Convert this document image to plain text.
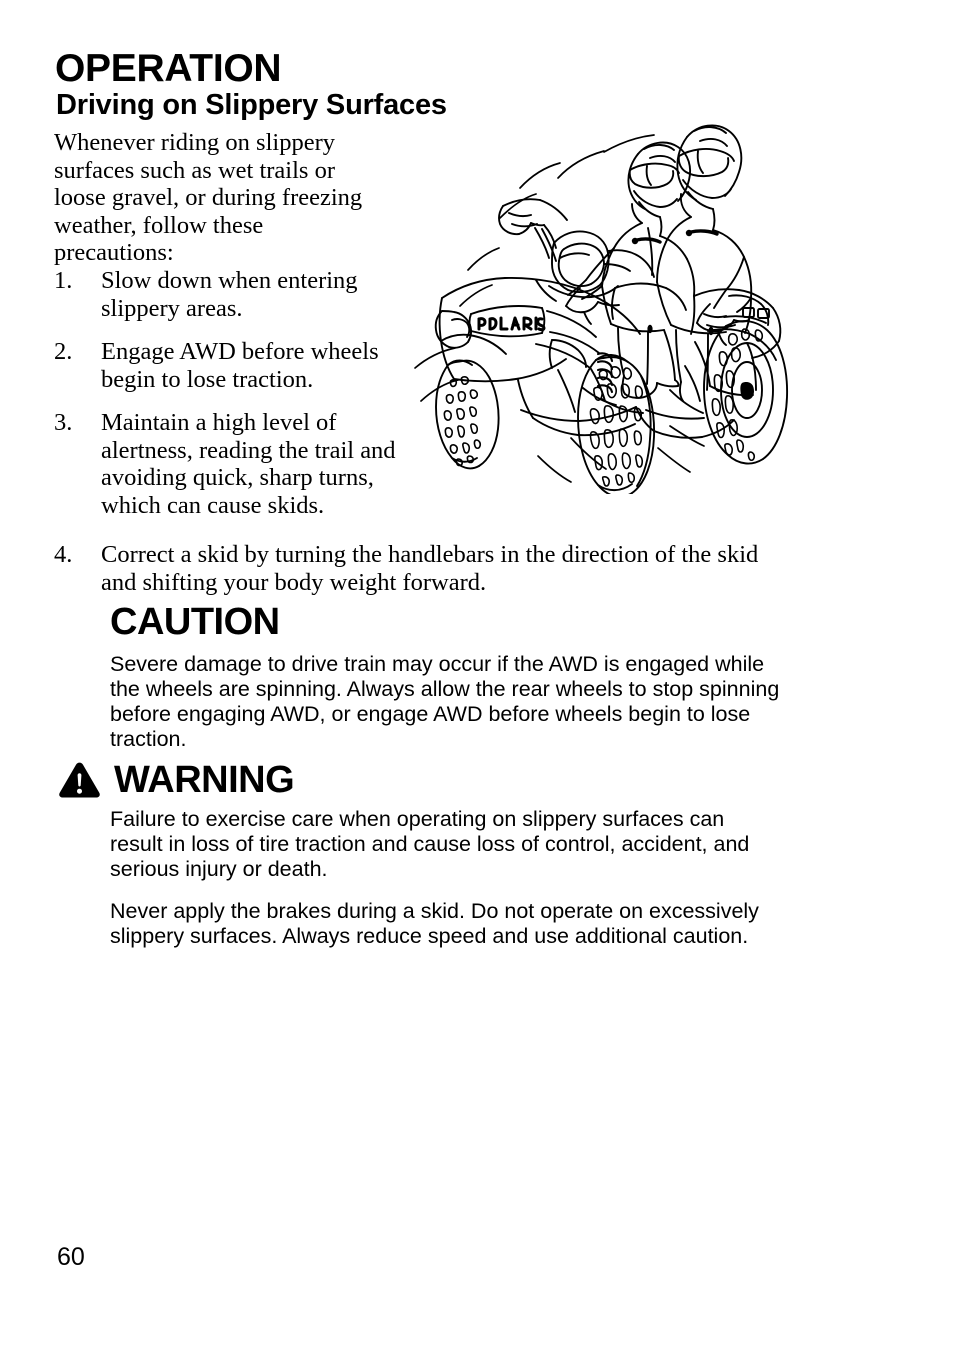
OPERATION
Driving on Slippery Surfaces
Whenever riding on slippery surfaces such as wet trails or loose gravel, or during freezing weather, follow these precautions:
1.	Slow down when entering slippery areas.
2.	Engage AWD before wheels begin to lose traction.
3.	Maintain a high level of alertness, reading the trail and avoiding quick, sharp turns, which can cause skids.
4.	Correct a skid by turning the handlebars in the direction of the skid and shifting your body weight forward.
CAUTION
Severe damage to drive train may occur if the AWD is engaged while the wheels are spinning. Always allow the rear wheels to stop spinning before engaging AWD, or engage AWD before wheels begin to lose traction.
WARNING

Failure to exercise care when operating on slippery surfaces can result in loss of tire traction and cause loss of control, accident, and serious injury or death.

Never apply the brakes during a skid. Do not operate on excessively slippery surfaces. Always reduce speed and use additional caution.

60
